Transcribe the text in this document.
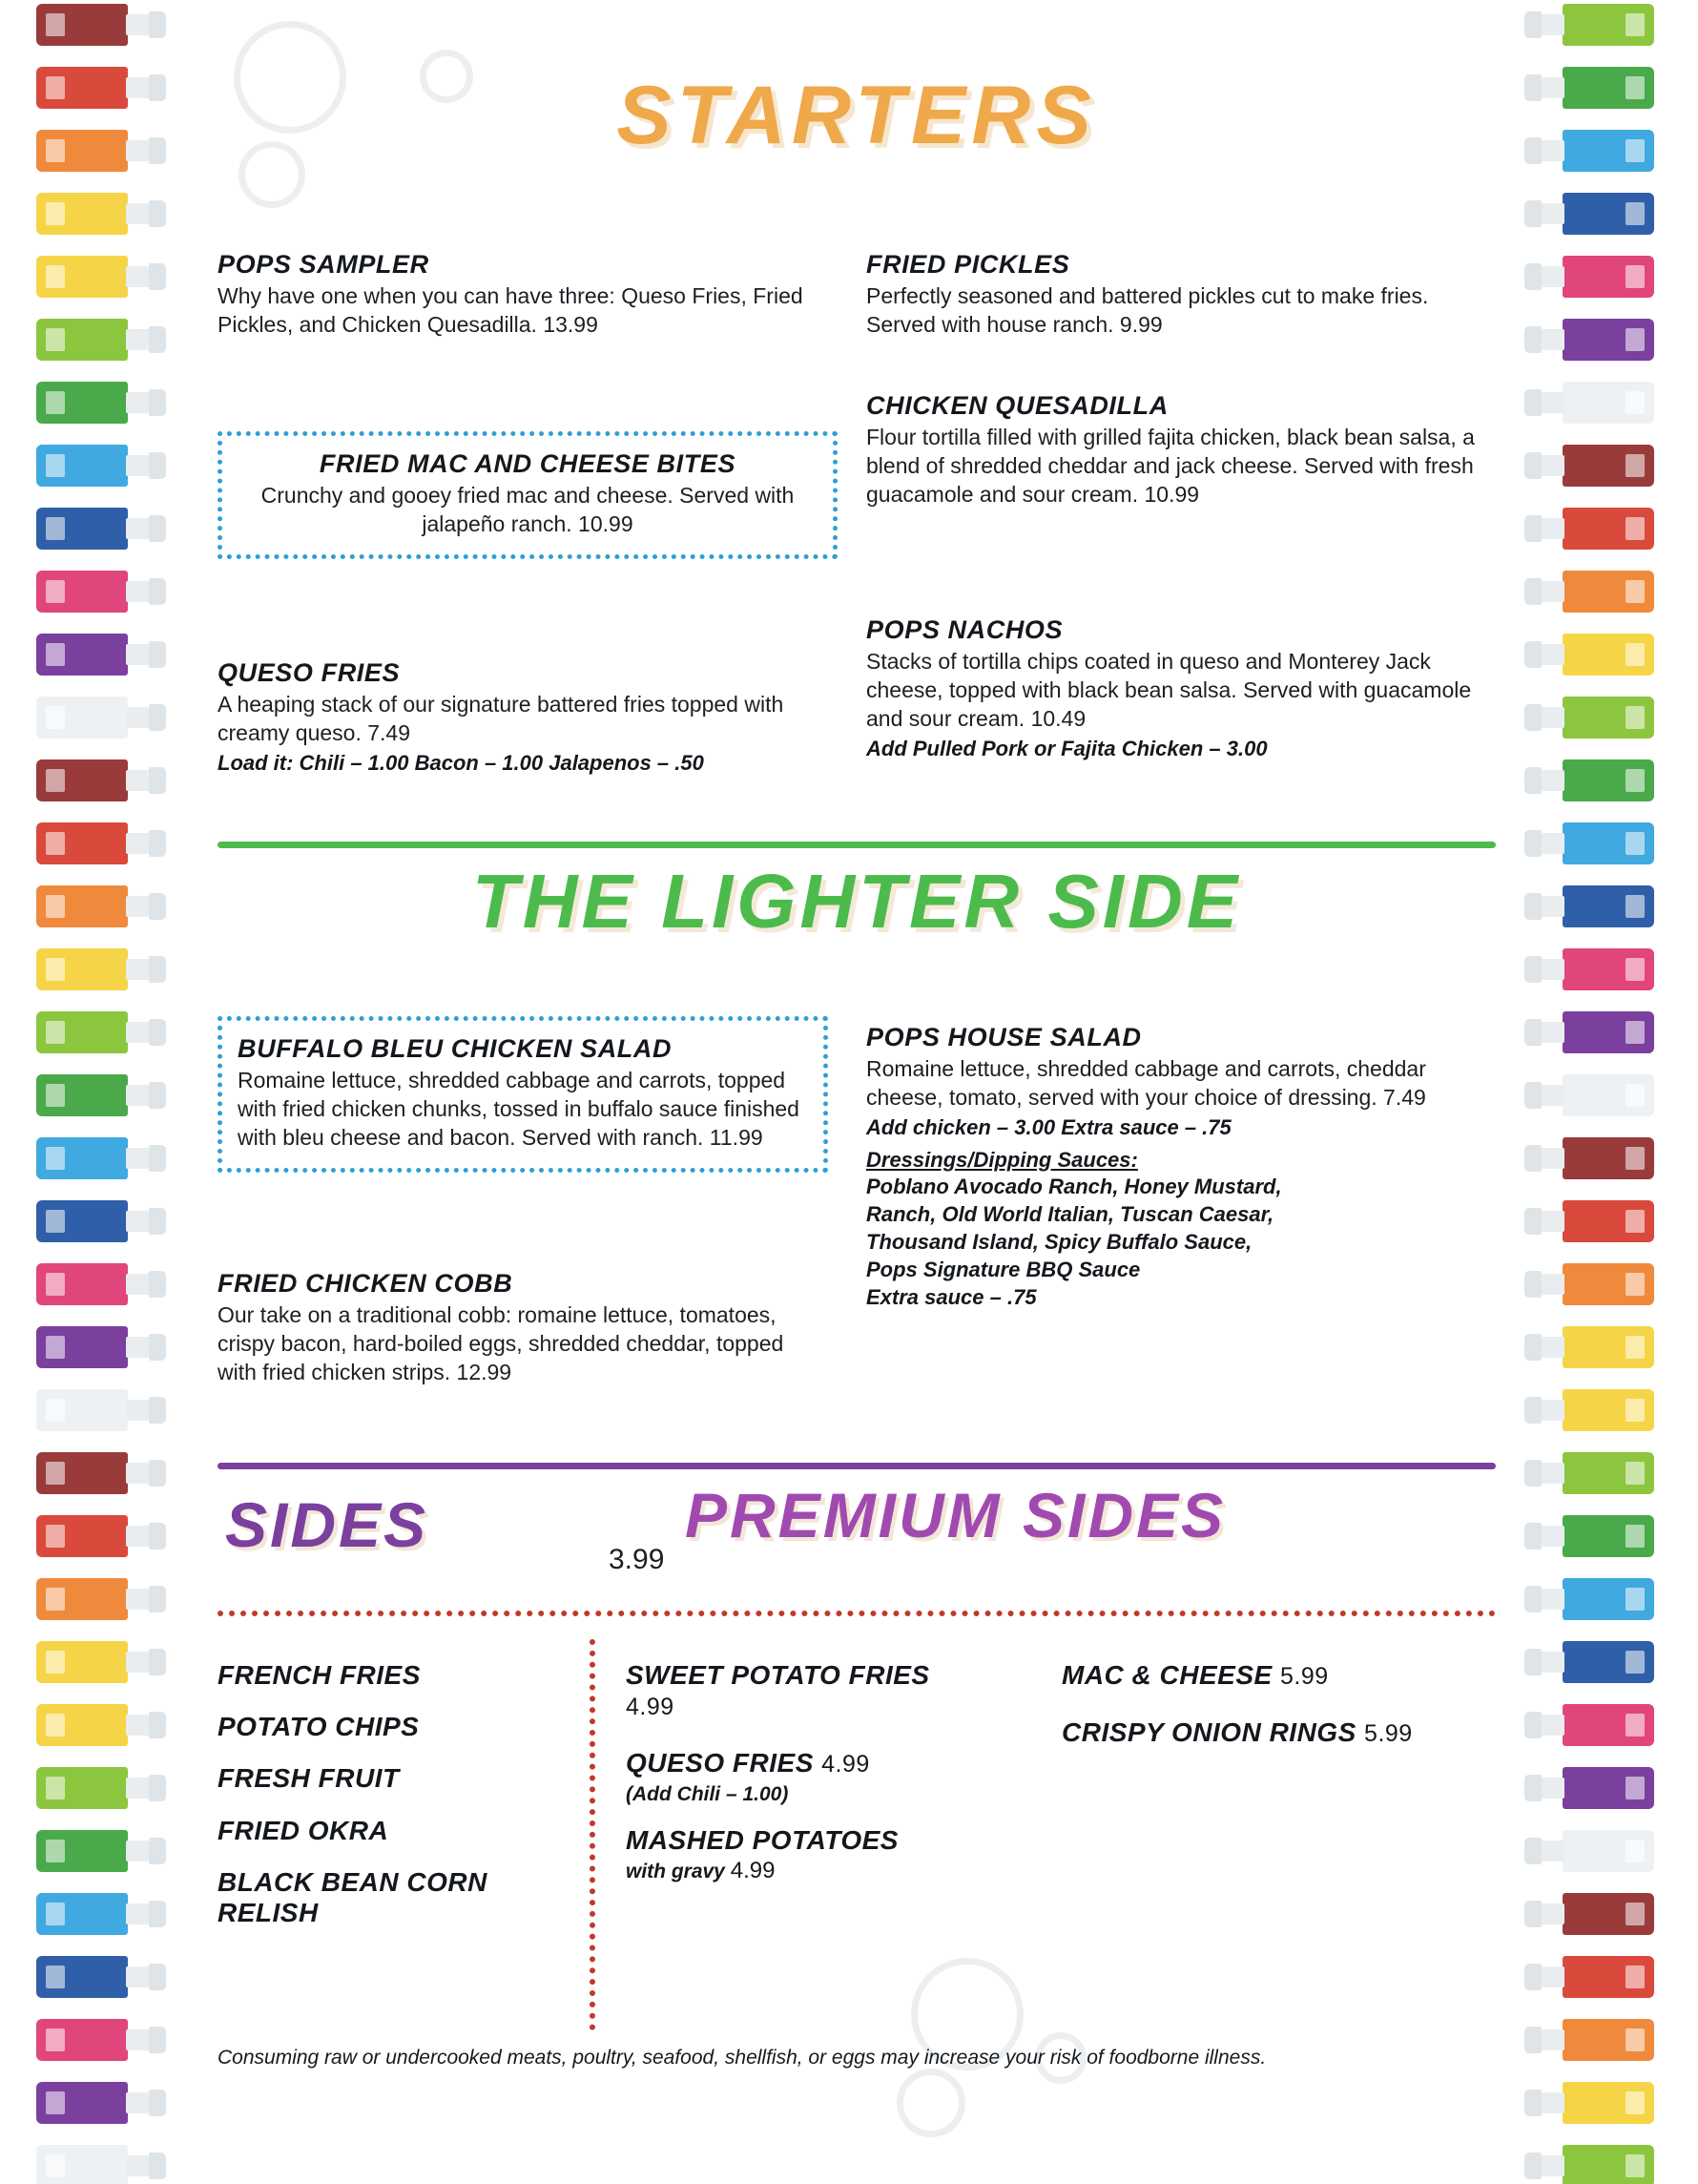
STARTERS

POPS SAMPLER

Why have one when you can have three: Queso Fries, Fried Pickles, and Chicken Quesadilla. 13.99

FRIED MAC AND CHEESE BITES

Crunchy and gooey fried mac and cheese. Served with jalapeño ranch. 10.99

QUESO FRIES

A heaping stack of our signature battered fries topped with creamy queso. 7.49

Load it: Chili – 1.00 Bacon – 1.00 Jalapenos – .50

FRIED PICKLES

Perfectly seasoned and battered pickles cut to make fries. Served with house ranch. 9.99

CHICKEN QUESADILLA

Flour tortilla filled with grilled fajita chicken, black bean salsa, a blend of shredded cheddar and jack cheese. Served with fresh guacamole and sour cream. 10.99

POPS NACHOS

Stacks of tortilla chips coated in queso and Monterey Jack cheese, topped with black bean salsa. Served with guacamole and sour cream. 10.49

Add Pulled Pork or Fajita Chicken – 3.00

THE LIGHTER SIDE

BUFFALO BLEU CHICKEN SALAD

Romaine lettuce, shredded cabbage and carrots, topped with fried chicken chunks, tossed in buffalo sauce finished with bleu cheese and bacon. Served with ranch. 11.99

FRIED CHICKEN COBB

Our take on a traditional cobb: romaine lettuce, tomatoes, crispy bacon, hard-boiled eggs, shredded cheddar, topped with fried chicken strips. 12.99

POPS HOUSE SALAD

Romaine lettuce, shredded cabbage and carrots, cheddar cheese, tomato, served with your choice of dressing. 7.49

Add chicken – 3.00 Extra sauce – .75

Dressings/Dipping Sauces:

Poblano Avocado Ranch, Honey Mustard,

Ranch, Old World Italian, Tuscan Caesar,

Thousand Island, Spicy Buffalo Sauce,

Pops Signature BBQ Sauce

Extra sauce – .75

SIDES	3.99
PREMIUM SIDES

FRENCH FRIES

POTATO CHIPS

FRESH FRUIT

FRIED OKRA

BLACK BEAN CORN RELISH

SWEET POTATO FRIES 4.99

QUESO FRIES 4.99

(Add Chili – 1.00)

MASHED POTATOES

with gravy 4.99

MAC & CHEESE 5.99

CRISPY ONION RINGS 5.99

Consuming raw or undercooked meats, poultry, seafood, shellfish, or eggs may increase your risk of foodborne illness.
